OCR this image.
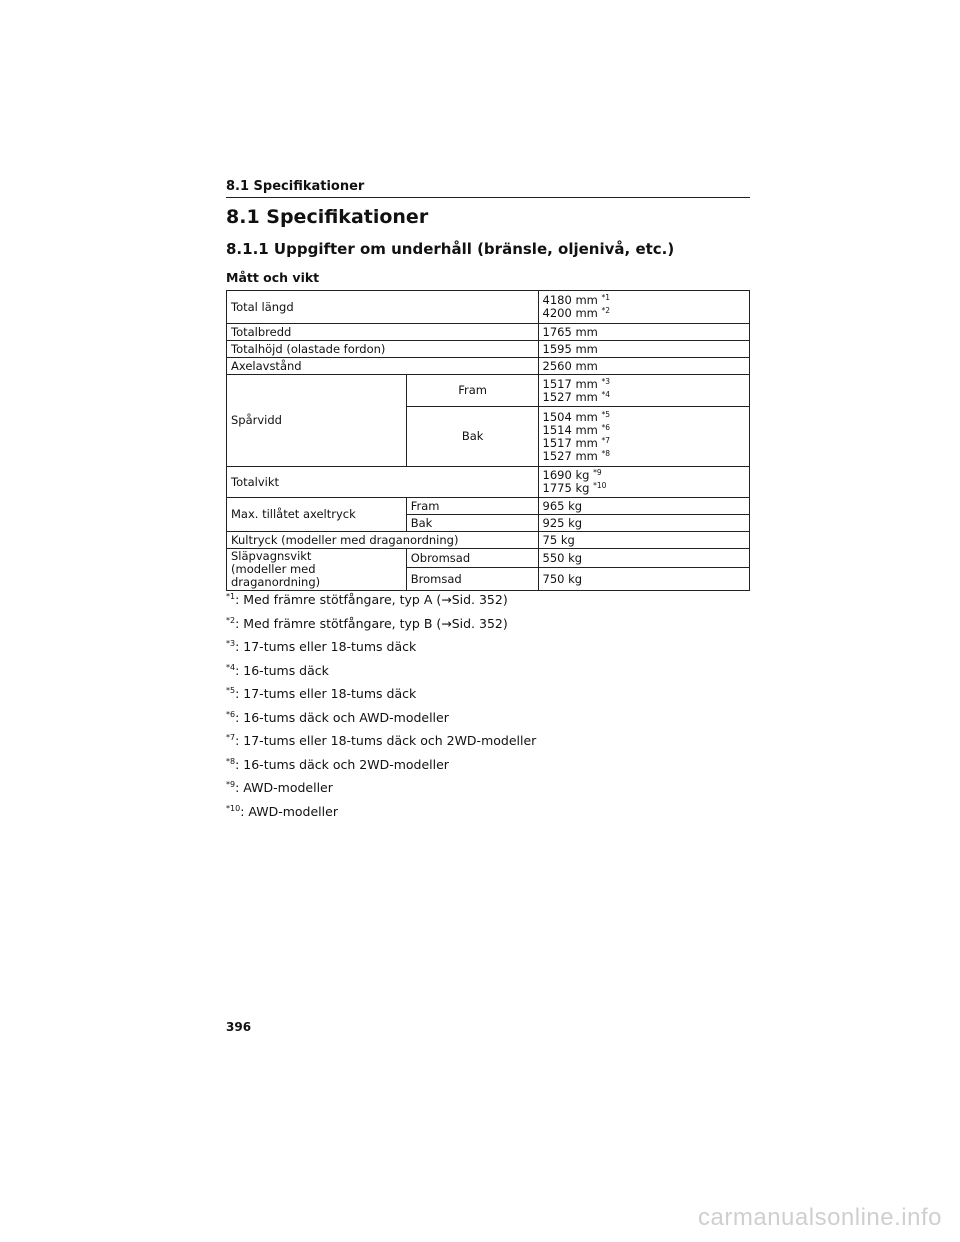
8.1 Specifikationer
8.1 Specifikationer
8.1.1 Uppgifter om underhåll (bränsle, oljenivå, etc.)
Mått och vikt
Total längd		4180 mm $^{*1}$
4200 mm $^{*2}$
Totalbredd		1765 mm
Totalhöjd (olastade fordon)		1595 mm
Axelavstånd		2560 mm
Spårvidd	Fram	1517 mm $^{*3}$
1527 mm $^{*4}$
	Bak	1504 mm $^{*5}$
1514 mm $^{*6}$
1517 mm $^{*7}$
1527 mm $^{*8}$
Totalvikt		1690 kg $^{*9}$
1775 kg $^{*10}$
Max. tillåtet axeltryck	Fram	965 kg
	Bak	925 kg
Kultryck (modeller med draganordning)		75 kg
Släpvagnsvikt
(modeller med draganordning)	Obromsad	550 kg
	Bromsad	750 kg
$^{*1}$: Med främre stötfångare, typ A (→Sid. 352)
$^{*2}$: Med främre stötfångare, typ B (→Sid. 352)
$^{*3}$: 17-tums eller 18-tums däck
$^{*4}$: 16-tums däck
$^{*5}$: 17-tums eller 18-tums däck
$^{*6}$: 16-tums däck och AWD-modeller
$^{*7}$: 17-tums eller 18-tums däck och 2WD-modeller
$^{*8}$: 16-tums däck och 2WD-modeller
$^{*9}$: AWD-modeller
$^{*10}$: AWD-modeller
396
carmanualsonline.info
